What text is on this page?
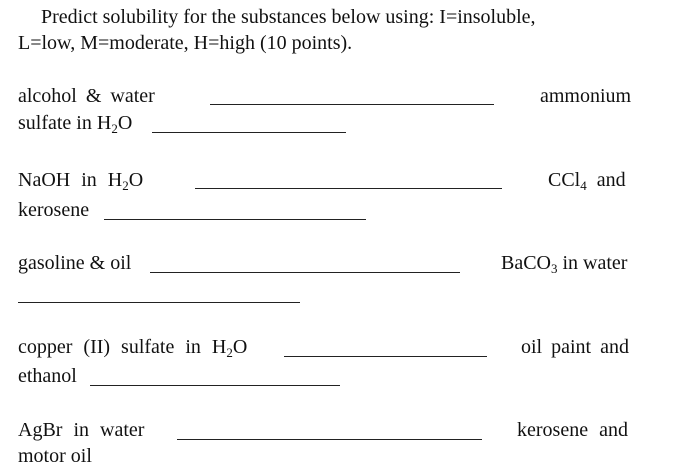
Predict solubility for the substances below using: I=insoluble,
L=low, M=moderate, H=high (10 points).
alcohol & water	ammonium
sulfate in $H_2O$
NaOH in $H_2O$	CCl$_4$  and
kerosene
gasoline & oil	BaCO$_3$ in water
copper (II) sulfate in $H_2O$	oil paint and
ethanol
AgBr in water	kerosene and
motor oil
